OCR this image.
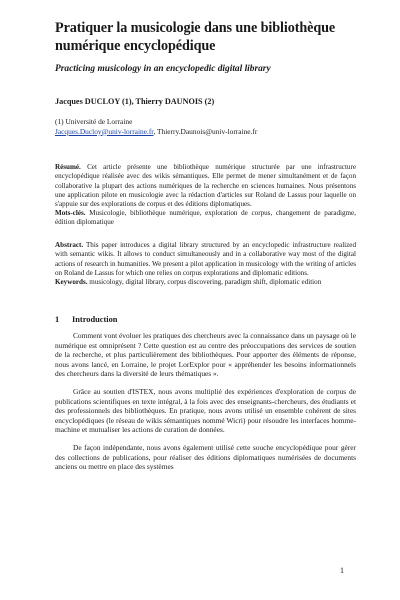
Pratiquer la musicologie dans une bibliothèque numérique encyclopédique

Practicing musicology in an encyclopedic digital library

Jacques DUCLOY (1), Thierry DAUNOIS (2)

(1) Université de Lorraine

Jacques.Ducloy@univ-lorraine.fr, Thierry.Daunois@univ-lorraine.fr

Résumé. Cet article présente une bibliothèque numérique structurée par une infrastructure encyclopédique réalisée avec des wikis sémantiques. Elle permet de mener simultanément et de façon collaborative la plupart des actions numériques de la recherche en sciences humaines. Nous présentons une application pilote en musicologie avec la rédaction d'articles sur Roland de Lassus pour laquelle on s'appuie sur des explorations de corpus et des éditions diplomatiques.
Mots-clés. Musicologie, bibliothèque numérique, exploration de corpus, changement de paradigme, édition diplomatique
Abstract. This paper introduces a digital library structured by an encyclopedic infrastructure realized with semantic wikis. It allows to conduct simultaneously and in a collaborative way most of the digital actions of research in humanities. We present a pilot application in musicology with the writing of articles on Roland de Lassus for which one relies on corpus explorations and diplomatic editions.
Keywords. musicology, digital library, corpus discovering, paradigm shift, diplomatic edition
1 Introduction

Comment vont évoluer les pratiques des chercheurs avec la connaissance dans un paysage où le numérique est omniprésent ? Cette question est au centre des préoccupations des services de soutien de la recherche, et plus particulièrement des bibliothèques. Pour apporter des éléments de réponse, nous avons lancé, en Lorraine, le projet LorExplor pour « appréhender les besoins informationnels des chercheurs dans la diversité de leurs thématiques ».

Grâce au soutien d'ISTEX, nous avons multiplié des expériences d'exploration de corpus de publications scientifiques en texte intégral, à la fois avec des enseignants-chercheurs, des étudiants et des professionnels des bibliothèques. En pratique, nous avons utilisé un ensemble cohérent de sites encyclopédiques (le réseau de wikis sémantiques nommé Wicri) pour résoudre les interfaces homme-machine et mutualiser les actions de curation de données.

De façon indépendante, nous avons également utilisé cette souche encyclopédique pour gérer des collections de publications, pour réaliser des éditions diplomatiques numérisées de documents anciens ou mettre en place des systèmes

1
